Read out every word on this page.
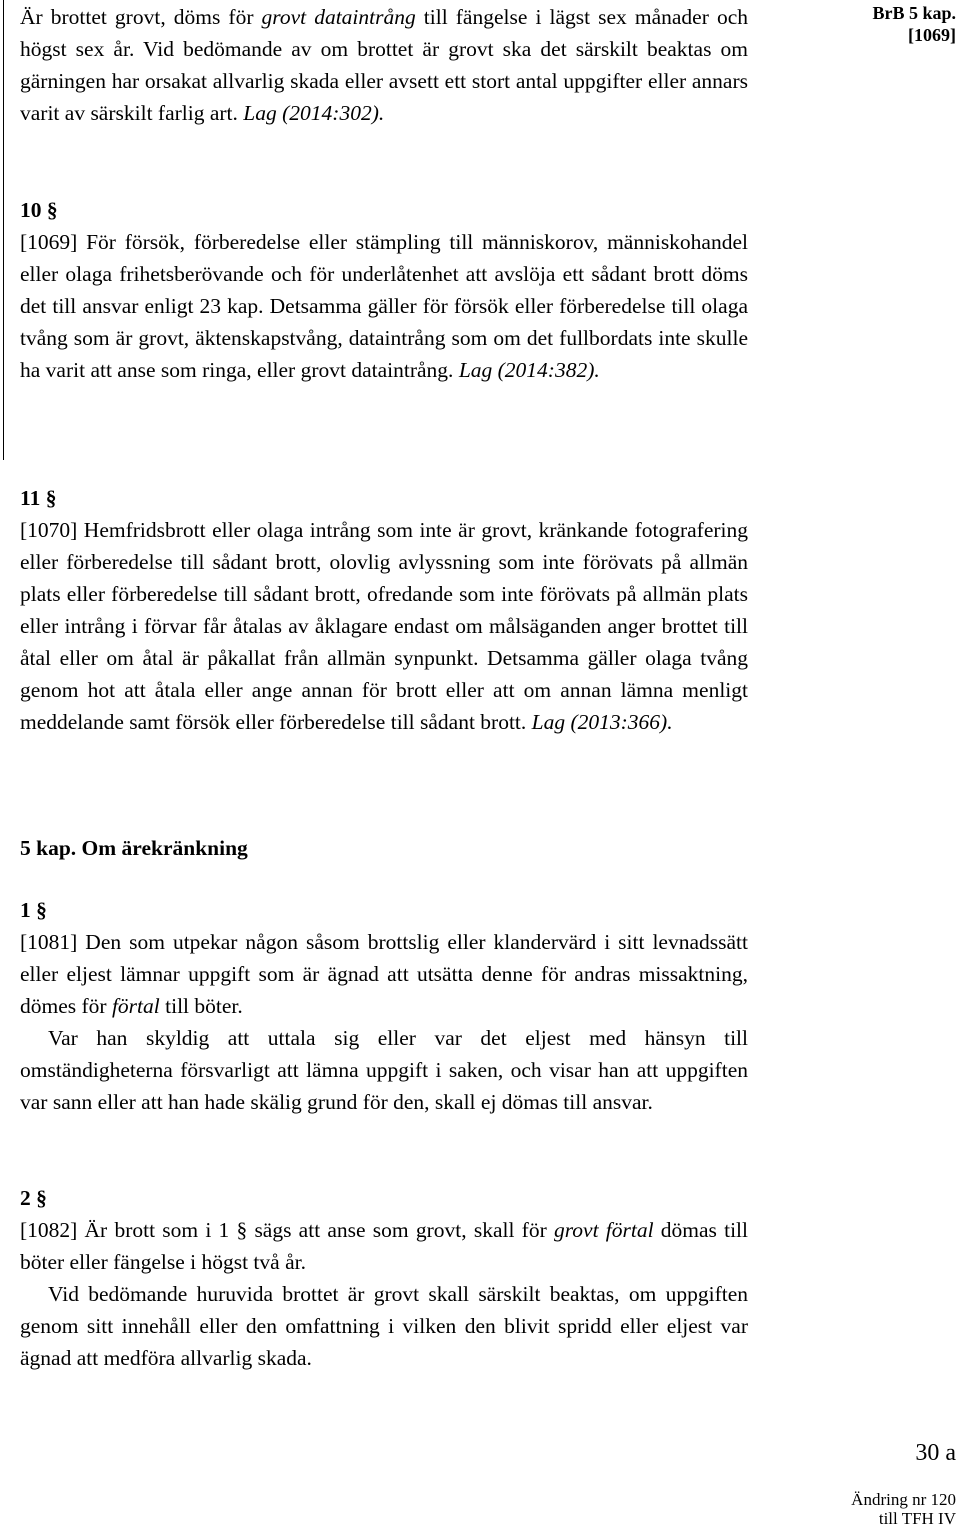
BrB 5 kap.
[1069]

Är brottet grovt, döms för grovt dataintrång till fängelse i lägst sex månader och högst sex år. Vid bedömande av om brottet är grovt ska det särskilt beaktas om gärningen har orsakat allvarlig skada eller avsett ett stort antal uppgifter eller annars varit av särskilt farlig art. Lag (2014:302).

10 §

[1069] För försök, förberedelse eller stämpling till människorov, människohandel eller olaga frihetsberövande och för underlåtenhet att avslöja ett sådant brott döms det till ansvar enligt 23 kap. Detsamma gäller för försök eller förberedelse till olaga tvång som är grovt, äktenskapstvång, dataintrång som om det fullbordats inte skulle ha varit att anse som ringa, eller grovt dataintrång. Lag (2014:382).

11 §

[1070] Hemfridsbrott eller olaga intrång som inte är grovt, kränkande fotografering eller förberedelse till sådant brott, olovlig avlyssning som inte förövats på allmän plats eller förberedelse till sådant brott, ofredande som inte förövats på allmän plats eller intrång i förvar får åtalas av åklagare endast om målsäganden anger brottet till åtal eller om åtal är påkallat från allmän synpunkt. Detsamma gäller olaga tvång genom hot att åtala eller ange annan för brott eller att om annan lämna menligt meddelande samt försök eller förberedelse till sådant brott. Lag (2013:366).

5 kap. Om ärekränkning

1 §

[1081] Den som utpekar någon såsom brottslig eller klandervärd i sitt levnadssätt eller eljest lämnar uppgift som är ägnad att utsätta denne för andras missaktning, dömes för förtal till böter.

Var han skyldig att uttala sig eller var det eljest med hänsyn till omständigheterna försvarligt att lämna uppgift i saken, och visar han att uppgiften var sann eller att han hade skälig grund för den, skall ej dömas till ansvar.

2 §

[1082] Är brott som i 1 § sägs att anse som grovt, skall för grovt förtal dömas till böter eller fängelse i högst två år.

Vid bedömande huruvida brottet är grovt skall särskilt beaktas, om uppgiften genom sitt innehåll eller den omfattning i vilken den blivit spridd eller eljest var ägnad att medföra allvarlig skada.

30 a
Ändring nr 120
till TFH IV
